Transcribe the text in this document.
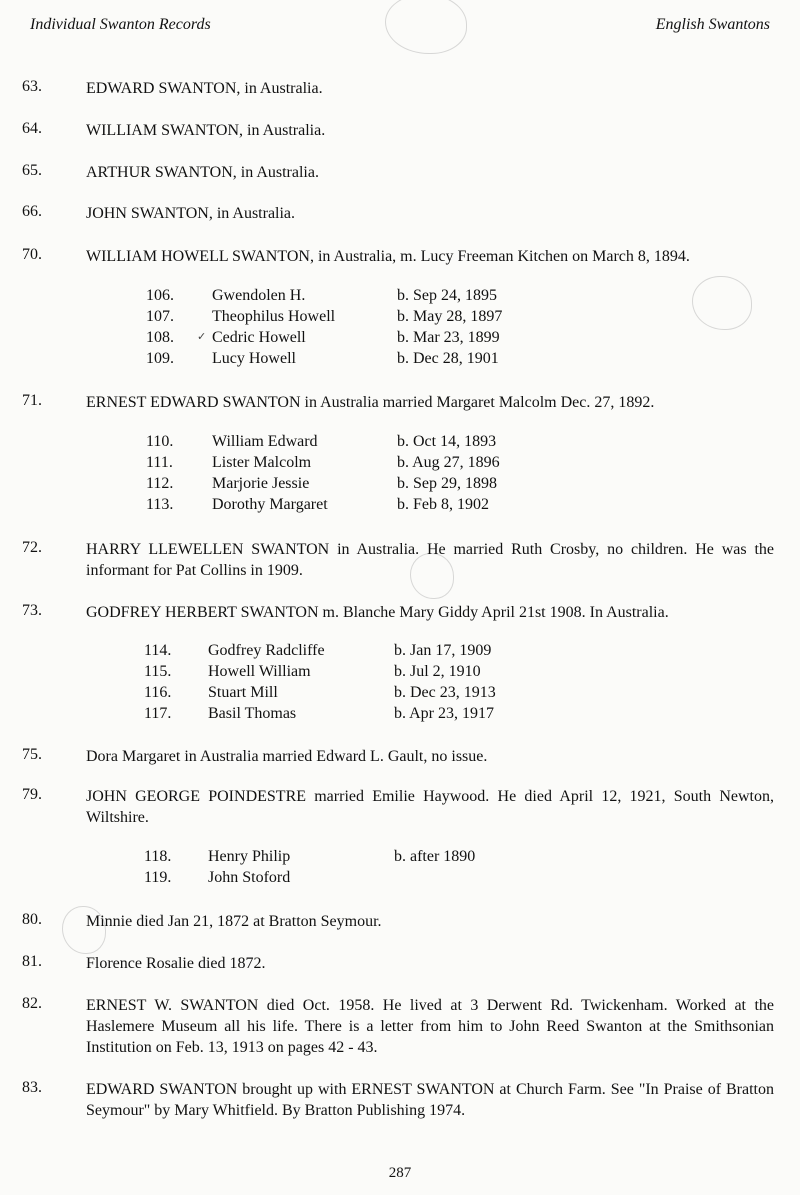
Individual Swanton Records	English Swantons
✓
63.	EDWARD SWANTON, in Australia.
64.	WILLIAM SWANTON, in Australia.
65.	ARTHUR SWANTON, in Australia.
66.	JOHN SWANTON, in Australia.
70.	WILLIAM HOWELL SWANTON, in Australia, m. Lucy Freeman Kitchen on March 8, 1894.
106. Gwendolen H.	b. Sep 24, 1895
107. Theophilus Howell	b. May 28, 1897
108. Cedric Howell	b. Mar 23, 1899
109. Lucy Howell	b. Dec 28, 1901
71.	ERNEST EDWARD SWANTON in Australia married Margaret Malcolm Dec. 27, 1892.
110. William Edward	b. Oct 14, 1893
111. Lister Malcolm	b. Aug 27, 1896
112. Marjorie Jessie	b. Sep 29, 1898
113. Dorothy Margaret	b. Feb 8, 1902
72.	HARRY LLEWELLEN SWANTON in Australia. He married Ruth Crosby, no children. He was the informant for Pat Collins in 1909.
73.	GODFREY HERBERT SWANTON m. Blanche Mary Giddy April 21st 1908. In Australia.
114. Godfrey Radcliffe	b. Jan 17, 1909
115. Howell William	b. Jul 2, 1910
116. Stuart Mill	b. Dec 23, 1913
117. Basil Thomas	b. Apr 23, 1917
75.	Dora Margaret in Australia married Edward L. Gault, no issue.
79.	JOHN GEORGE POINDESTRE married Emilie Haywood. He died April 12, 1921, South Newton, Wiltshire.
118. Henry Philip	b. after 1890
119. John Stoford
80.	Minnie died Jan 21, 1872 at Bratton Seymour.
81.	Florence Rosalie died 1872.
82.	ERNEST W. SWANTON died Oct. 1958. He lived at 3 Derwent Rd. Twickenham. Worked at the Haslemere Museum all his life. There is a letter from him to John Reed Swanton at the Smithsonian Institution on Feb. 13, 1913 on pages 42 - 43.
83.	EDWARD SWANTON brought up with ERNEST SWANTON at Church Farm. See "In Praise of Bratton Seymour" by Mary Whitfield. By Bratton Publishing 1974.
287
